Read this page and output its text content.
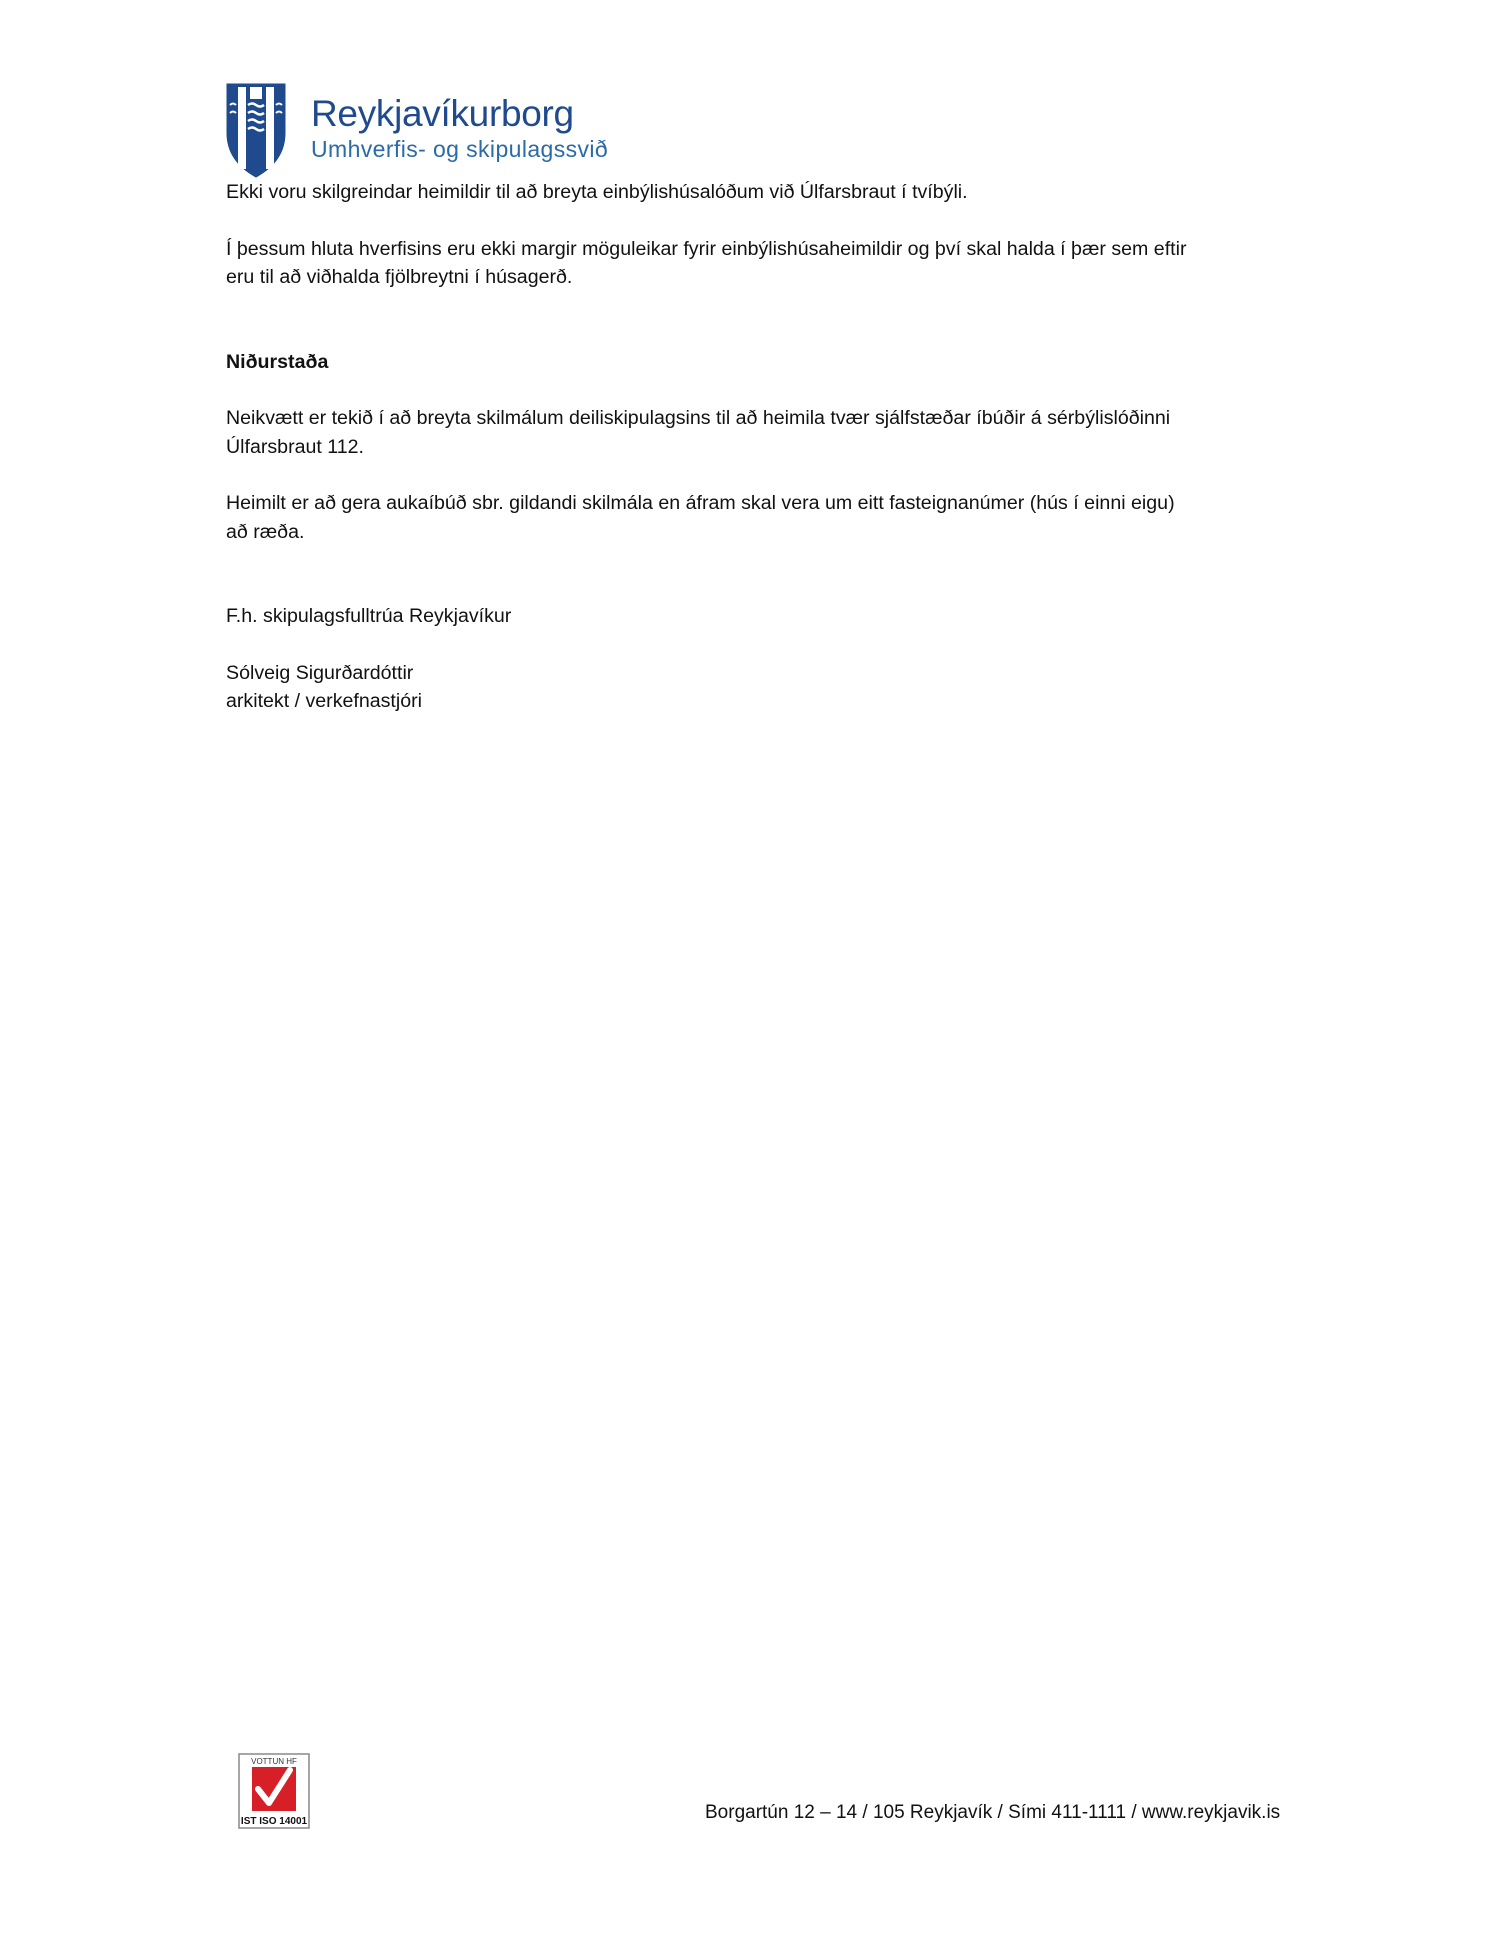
Reykjavíkurborg
Umhverfis- og skipulagssvið

Ekki voru skilgreindar heimildir til að breyta einbýlishúsalóðum við Úlfarsbraut í tvíbýli.

Í þessum hluta hverfisins eru ekki margir möguleikar fyrir einbýlishúsaheimildir og því skal halda í þær sem eftir

eru til að viðhalda fjölbreytni í húsagerð.

Niðurstaða

Neikvætt er tekið í að breyta skilmálum deiliskipulagsins til að heimila tvær sjálfstæðar íbúðir á sérbýlislóðinni

Úlfarsbraut 112.

Heimilt er að gera aukaíbúð sbr. gildandi skilmála en áfram skal vera um eitt fasteignanúmer (hús í einni eigu)

að ræða.

F.h. skipulagsfulltrúa Reykjavíkur

Sólveig Sigurðardóttir

arkitekt / verkefnastjóri

VOTTUN HF
IST ISO 14001	Borgartún 12 – 14 / 105 Reykjavík / Sími 411-1111 / www.reykjavik.is
